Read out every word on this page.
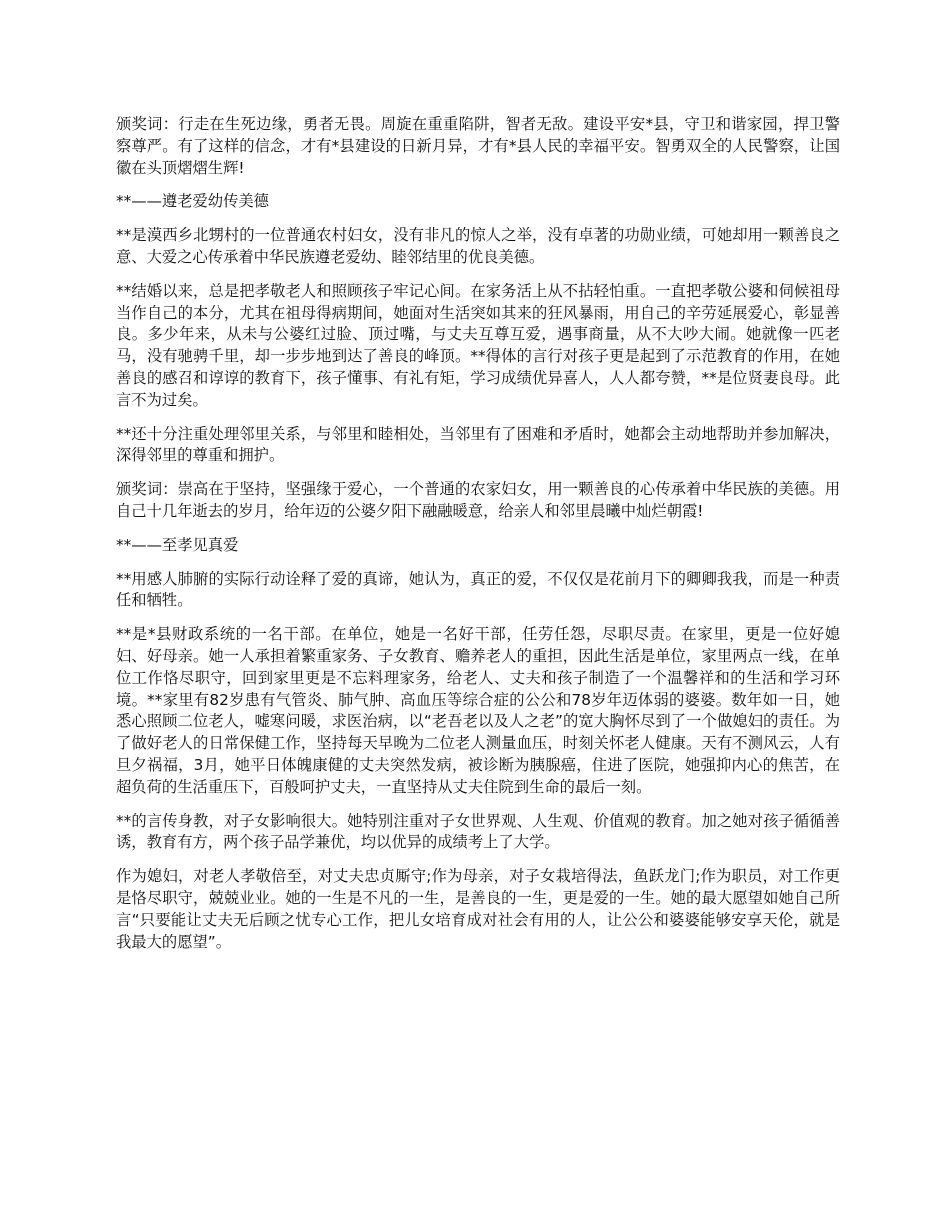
颁奖词：行走在生死边缘，勇者无畏。周旋在重重陷阱，智者无敌。建设平安*县，守卫和谐家园，捍卫警察尊严。有了这样的信念，才有*县建设的日新月异，才有*县人民的幸福平安。智勇双全的人民警察，让国徽在头顶熠熠生辉!

**——遵老爱幼传美德

**是漠西乡北甥村的一位普通农村妇女，没有非凡的惊人之举，没有卓著的功勋业绩，可她却用一颗善良之意、大爱之心传承着中华民族遵老爱幼、睦邻结里的优良美德。

**结婚以来，总是把孝敬老人和照顾孩子牢记心间。在家务活上从不拈轻怕重。一直把孝敬公婆和伺候祖母当作自己的本分，尤其在祖母得病期间，她面对生活突如其来的狂风暴雨，用自己的辛劳延展爱心，彰显善良。多少年来，从未与公婆红过脸、顶过嘴，与丈夫互尊互爱，遇事商量，从不大吵大闹。她就像一匹老马，没有驰骋千里，却一步步地到达了善良的峰顶。**得体的言行对孩子更是起到了示范教育的作用，在她善良的感召和谆谆的教育下，孩子懂事、有礼有矩，学习成绩优异喜人，人人都夸赞，**是位贤妻良母。此言不为过矣。

**还十分注重处理邻里关系，与邻里和睦相处，当邻里有了困难和矛盾时，她都会主动地帮助并参加解决，深得邻里的尊重和拥护。

颁奖词：崇高在于坚持，坚强缘于爱心，一个普通的农家妇女，用一颗善良的心传承着中华民族的美德。用自己十几年逝去的岁月，给年迈的公婆夕阳下融融暖意，给亲人和邻里晨曦中灿烂朝霞!

**——至孝见真爱

**用感人肺腑的实际行动诠释了爱的真谛，她认为，真正的爱，不仅仅是花前月下的卿卿我我，而是一种责任和牺牲。

**是*县财政系统的一名干部。在单位，她是一名好干部，任劳任怨，尽职尽责。在家里，更是一位好媳妇、好母亲。她一人承担着繁重家务、子女教育、赡养老人的重担，因此生活是单位，家里两点一线，在单位工作恪尽职守，回到家里更是不忘料理家务，给老人、丈夫和孩子制造了一个温馨祥和的生活和学习环境。**家里有82岁患有气管炎、肺气肿、高血压等综合症的公公和78岁年迈体弱的婆婆。数年如一日，她悉心照顾二位老人，嘘寒问暖，求医治病，以“老吾老以及人之老”的宽大胸怀尽到了一个做媳妇的责任。为了做好老人的日常保健工作，坚持每天早晚为二位老人测量血压，时刻关怀老人健康。天有不测风云，人有旦夕祸福，3月，她平日体魄康健的丈夫突然发病，被诊断为胰腺癌，住进了医院，她强抑内心的焦苦，在超负荷的生活重压下，百般呵护丈夫，一直坚持从丈夫住院到生命的最后一刻。

**的言传身教，对子女影响很大。她特别注重对子女世界观、人生观、价值观的教育。加之她对孩子循循善诱，教育有方，两个孩子品学兼优，均以优异的成绩考上了大学。

作为媳妇，对老人孝敬倍至，对丈夫忠贞厮守;作为母亲，对子女栽培得法，鱼跃龙门;作为职员，对工作更是恪尽职守，兢兢业业。她的一生是不凡的一生，是善良的一生，更是爱的一生。她的最大愿望如她自己所言“只要能让丈夫无后顾之忧专心工作，把儿女培育成对社会有用的人，让公公和婆婆能够安享天伦，就是我最大的愿望”。
